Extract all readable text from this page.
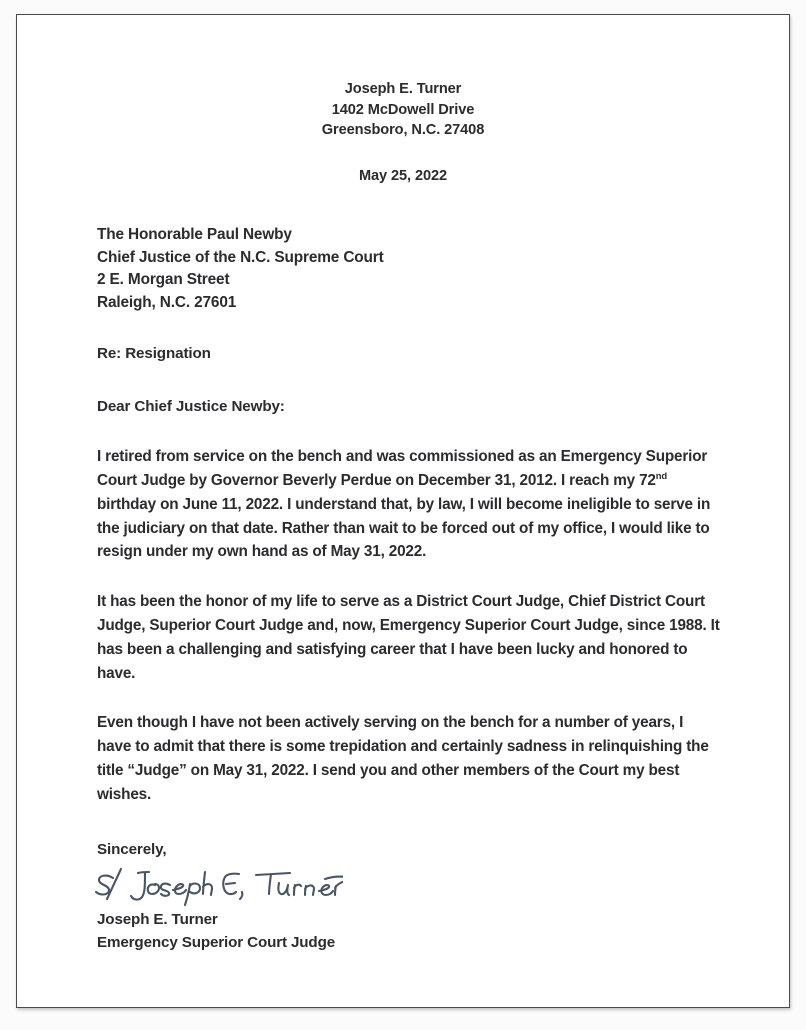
Joseph E. Turner
1402 McDowell Drive
Greensboro, N.C. 27408
May 25, 2022
The Honorable Paul Newby
Chief Justice of the N.C. Supreme Court
2 E. Morgan Street
Raleigh, N.C. 27601
Re: Resignation
Dear Chief Justice Newby:
I retired from service on the bench and was commissioned as an Emergency Superior Court Judge by Governor Beverly Perdue on December 31, 2012. I reach my 72nd birthday on June 11, 2022. I understand that, by law, I will become ineligible to serve in the judiciary on that date. Rather than wait to be forced out of my office, I would like to resign under my own hand as of May 31, 2022.
It has been the honor of my life to serve as a District Court Judge, Chief District Court Judge, Superior Court Judge and, now, Emergency Superior Court Judge, since 1988. It has been a challenging and satisfying career that I have been lucky and honored to have.
Even though I have not been actively serving on the bench for a number of years, I have to admit that there is some trepidation and certainly sadness in relinquishing the title “Judge” on May 31, 2022. I send you and other members of the Court my best wishes.
Sincerely,
Joseph E. Turner
Emergency Superior Court Judge
